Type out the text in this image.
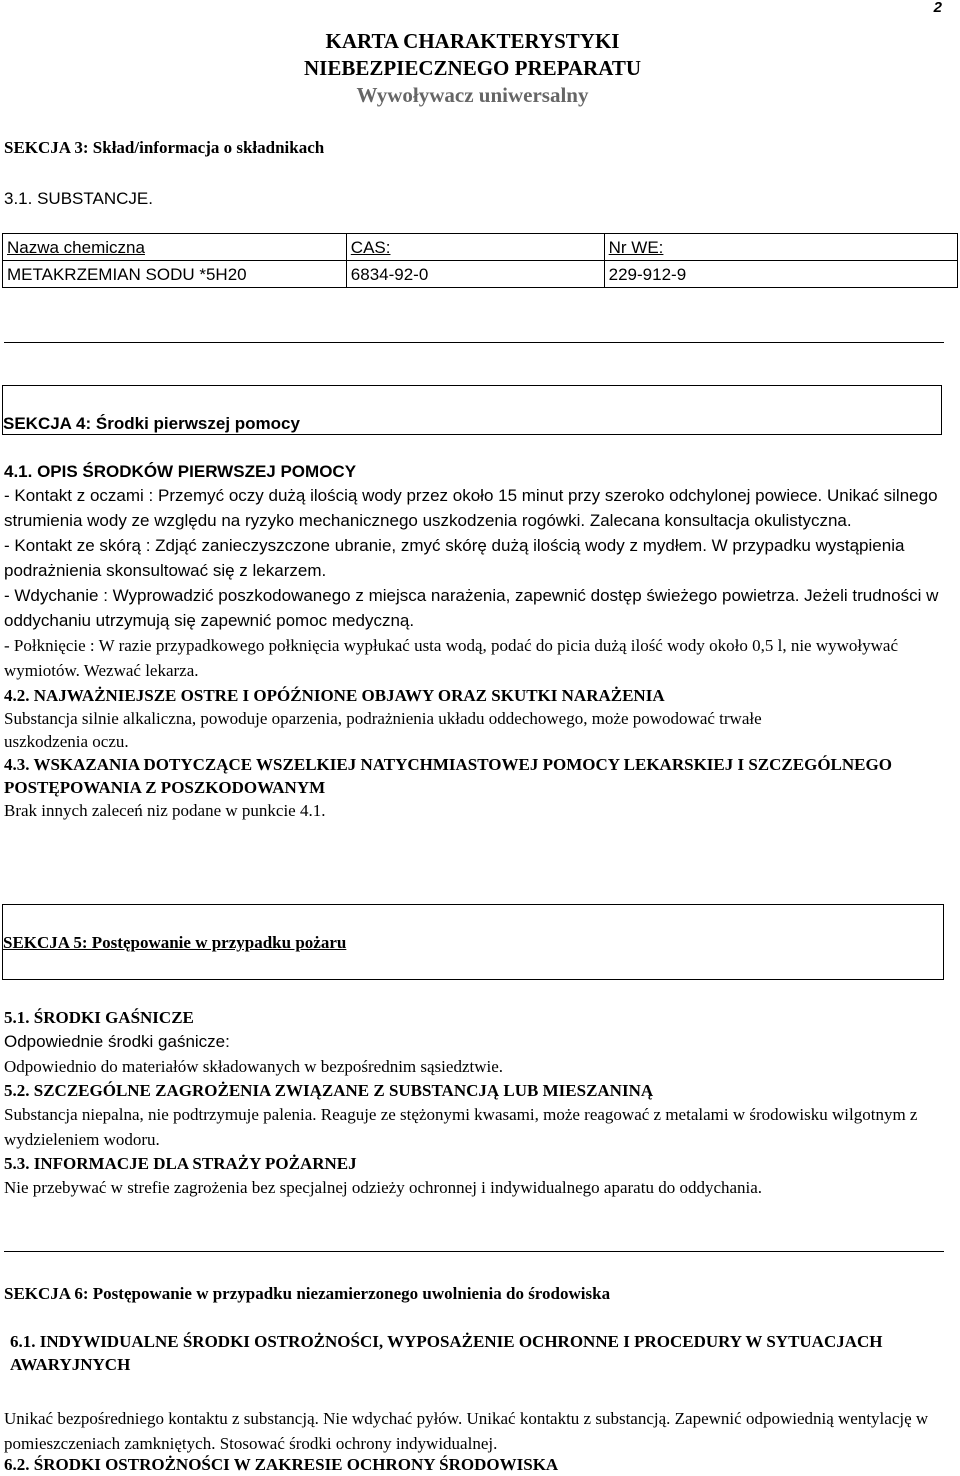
2
KARTA CHARAKTERYSTYKI
NIEBEZPIECZNEGO PREPARATU
Wywoływacz uniwersalny
SEKCJA 3: Skład/informacja o składnikach
3.1. SUBSTANCJE.
Nazwa chemiczna	CAS:	Nr WE:
METAKRZEMIAN SODU *5H20	6834-92-0	229-912-9
SEKCJA 4: Środki pierwszej pomocy

4.1. OPIS ŚRODKÓW PIERWSZEJ POMOCY

- Kontakt z oczami : Przemyć oczy dużą ilością wody przez około 15 minut przy szeroko odchylonej powiece. Unikać silnego strumienia wody ze względu na ryzyko mechanicznego uszkodzenia rogówki. Zalecana konsultacja okulistyczna.

- Kontakt ze skórą : Zdjąć zanieczyszczone ubranie, zmyć skórę dużą ilością wody z mydłem. W przypadku wystąpienia podrażnienia skonsultować się z lekarzem.

- Wdychanie : Wyprowadzić poszkodowanego z miejsca narażenia, zapewnić dostęp świeżego powietrza. Jeżeli trudności w oddychaniu utrzymują się zapewnić pomoc medyczną.

- Połknięcie : W razie przypadkowego połknięcia wypłukać usta wodą, podać do picia dużą ilość wody około 0,5 l, nie wywoływać wymiotów. Wezwać lekarza.

4.2. NAJWAŻNIEJSZE OSTRE I OPÓŹNIONE OBJAWY ORAZ SKUTKI NARAŻENIA

Substancja silnie alkaliczna, powoduje oparzenia, podrażnienia układu oddechowego, może powodować trwałe

uszkodzenia oczu.

4.3. WSKAZANIA DOTYCZĄCE WSZELKIEJ NATYCHMIASTOWEJ POMOCY LEKARSKIEJ I SZCZEGÓLNEGO POSTĘPOWANIA Z POSZKODOWANYM

Brak innych zaleceń niz podane w punkcie 4.1.

SEKCJA 5: Postępowanie w przypadku pożaru

5.1. ŚRODKI GAŚNICZE

Odpowiednie środki gaśnicze:

Odpowiednio do materiałów składowanych w bezpośrednim sąsiedztwie.

5.2. SZCZEGÓLNE ZAGROŻENIA ZWIĄZANE Z SUBSTANCJĄ LUB MIESZANINĄ

Substancja niepalna, nie podtrzymuje palenia. Reaguje ze stężonymi kwasami, może reagować z metalami w środowisku wilgotnym z wydzieleniem wodoru.

5.3. INFORMACJE DLA STRAŻY POŻARNEJ

Nie przebywać w strefie zagrożenia bez specjalnej odzieży ochronnej i indywidualnego aparatu do oddychania.

SEKCJA 6: Postępowanie w przypadku niezamierzonego uwolnienia do środowiska
6.1. INDYWIDUALNE ŚRODKI OSTROŻNOŚCI, WYPOSAŻENIE OCHRONNE I PROCEDURY W SYTUACJACH AWARYJNYCH
Unikać bezpośredniego kontaktu z substancją. Nie wdychać pyłów. Unikać kontaktu z substancją. Zapewnić odpowiednią wentylację w pomieszczeniach zamkniętych. Stosować środki ochrony indywidualnej.
6.2. ŚRODKI OSTROŻNOŚCI W ZAKRESIE OCHRONY ŚRODOWISKA
